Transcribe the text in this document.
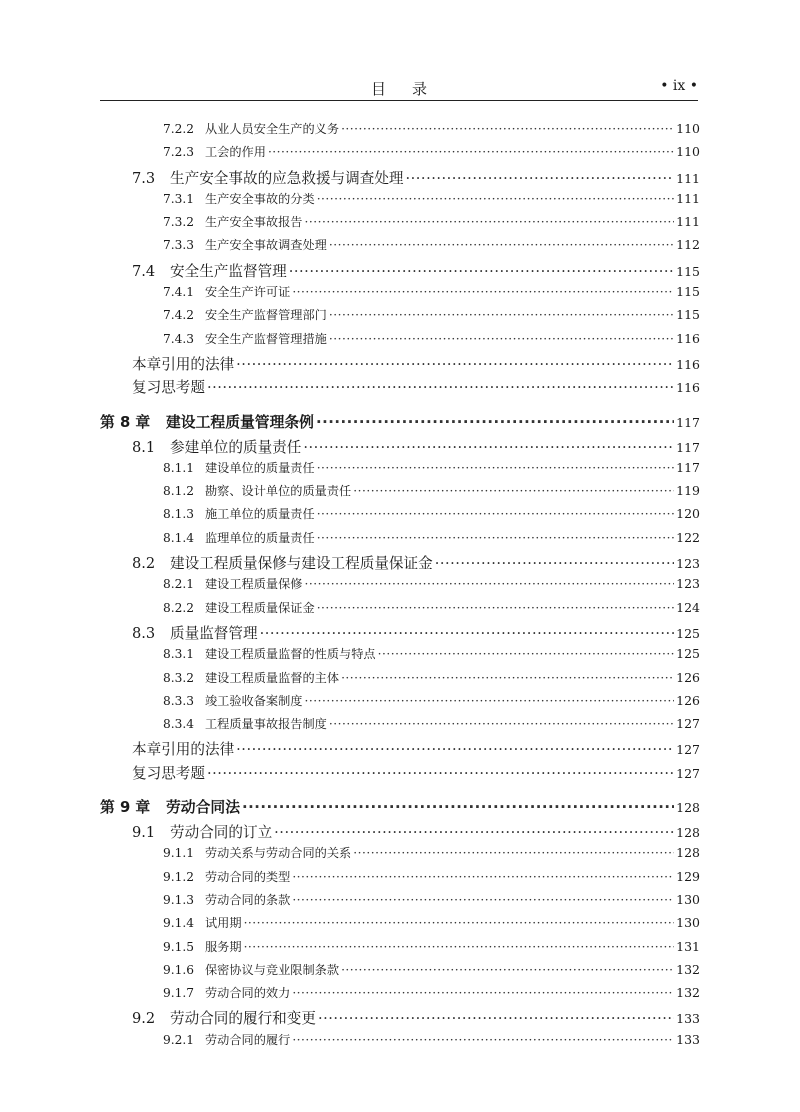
目录	• ix •
7.2.2 从业人员安全生产的义务 ·····	110
7.2.3 工会的作用 ·····	110
7.3	生产安全事故的应急救援与调查处理 ·····	111
7.3.1 生产安全事故的分类 ·····	111
7.3.2 生产安全事故报告 ·····	111
7.3.3 生产安全事故调查处理 ·····	112
7.4	安全生产监督管理 ·····	115
7.4.1 安全生产许可证 ·····	115
7.4.2 安全生产监督管理部门 ·····	115
7.4.3 安全生产监督管理措施 ·····	116
本章引用的法律 ·····	116
复习思考题 ·····	116
第 8 章	建设工程质量管理条例 ·····	117
8.1	参建单位的质量责任 ·····	117
8.1.1 建设单位的质量责任 ·····	117
8.1.2 勘察、设计单位的质量责任 ·····	119
8.1.3 施工单位的质量责任 ·····	120
8.1.4 监理单位的质量责任 ·····	122
8.2	建设工程质量保修与建设工程质量保证金 ·····	123
8.2.1 建设工程质量保修 ·····	123
8.2.2 建设工程质量保证金 ·····	124
8.3	质量监督管理 ·····	125
8.3.1 建设工程质量监督的性质与特点 ·····	125
8.3.2 建设工程质量监督的主体 ·····	126
8.3.3 竣工验收备案制度 ·····	126
8.3.4 工程质量事故报告制度 ·····	127
本章引用的法律 ·····	127
复习思考题 ·····	127
第 9 章	劳动合同法 ·····	128
9.1	劳动合同的订立 ·····	128
9.1.1 劳动关系与劳动合同的关系 ·····	128
9.1.2 劳动合同的类型 ·····	129
9.1.3 劳动合同的条款 ·····	130
9.1.4 试用期 ·····	130
9.1.5 服务期 ·····	131
9.1.6 保密协议与竞业限制条款 ·····	132
9.1.7 劳动合同的效力 ·····	132
9.2	劳动合同的履行和变更 ·····	133
9.2.1 劳动合同的履行 ·····	133
